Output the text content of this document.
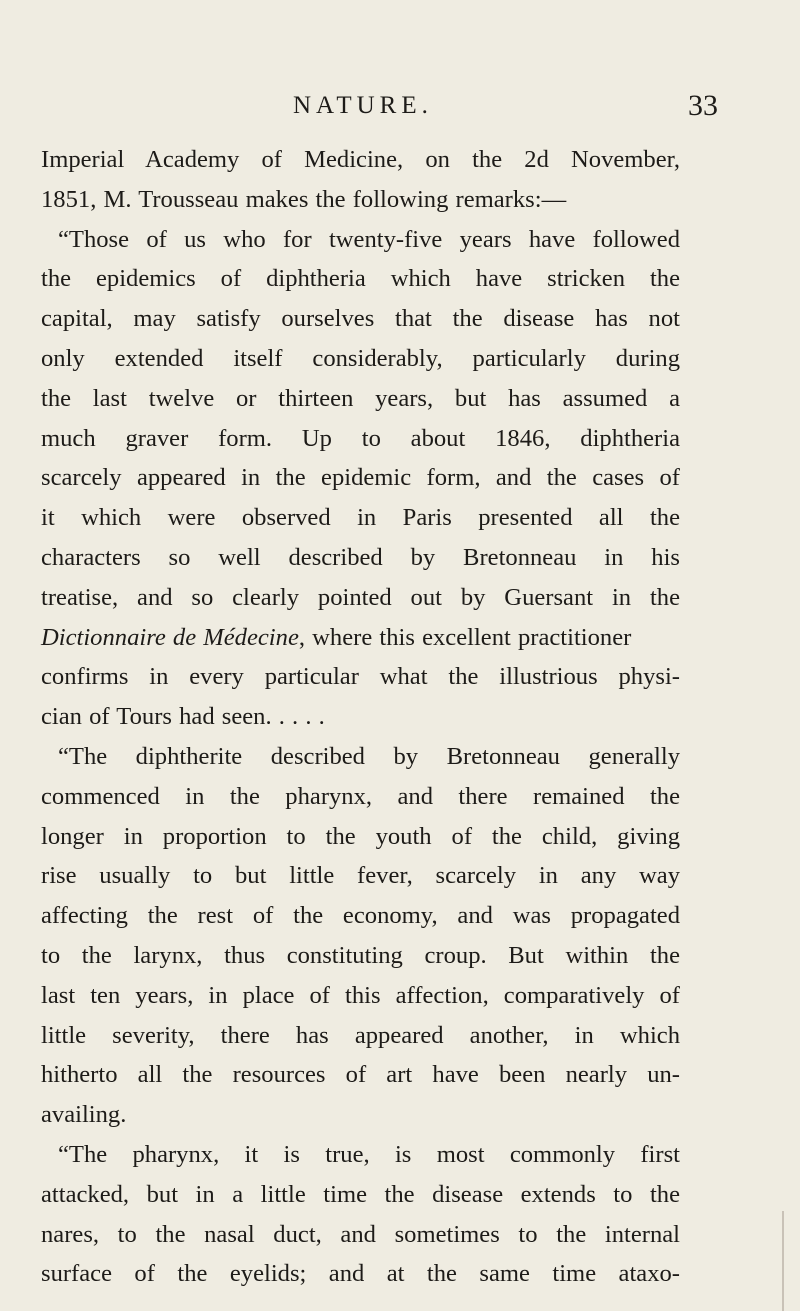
NATURE.	33
Imperial Academy of Medicine, on the 2d November,
1851, M. Trousseau makes the following remarks:—
“Those of us who for twenty-five years have followed
the epidemics of diphtheria which have stricken the
capital, may satisfy ourselves that the disease has not
only extended itself considerably, particularly during
the last twelve or thirteen years, but has assumed a
much graver form. Up to about 1846, diphtheria
scarcely appeared in the epidemic form, and the cases of
it which were observed in Paris presented all the
characters so well described by Bretonneau in his
treatise, and so clearly pointed out by Guersant in the
Dictionnaire de Médecine, where this excellent practitioner
confirms in every particular what the illustrious physi-
cian of Tours had seen. . . . .
“The diphtherite described by Bretonneau generally
commenced in the pharynx, and there remained the
longer in proportion to the youth of the child, giving
rise usually to but little fever, scarcely in any way
affecting the rest of the economy, and was propagated
to the larynx, thus constituting croup. But within the
last ten years, in place of this affection, comparatively of
little severity, there has appeared another, in which
hitherto all the resources of art have been nearly un-
availing.
“The pharynx, it is true, is most commonly first
attacked, but in a little time the disease extends to the
nares, to the nasal duct, and sometimes to the internal
surface of the eyelids; and at the same time ataxo-
